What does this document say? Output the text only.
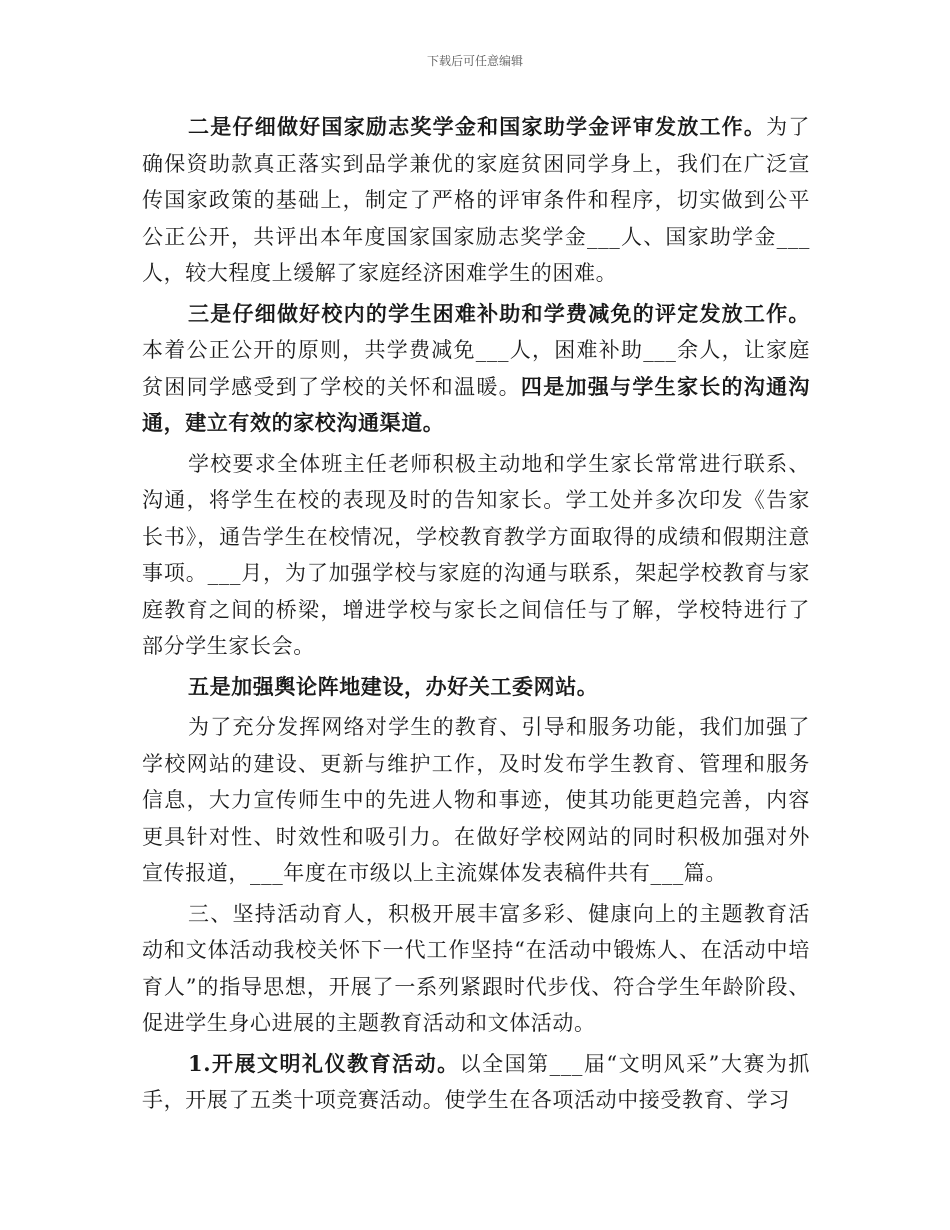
下载后可任意编辑

二是仔细做好国家励志奖学金和国家助学金评审发放工作。为了确保资助款真正落实到品学兼优的家庭贫困同学身上，我们在广泛宣传国家政策的基础上，制定了严格的评审条件和程序，切实做到公平公正公开，共评出本年度国家国家励志奖学金___人、国家助学金___人，较大程度上缓解了家庭经济困难学生的困难。

三是仔细做好校内的学生困难补助和学费减免的评定发放工作。本着公正公开的原则，共学费减免___人，困难补助___余人，让家庭贫困同学感受到了学校的关怀和温暖。四是加强与学生家长的沟通沟通，建立有效的家校沟通渠道。

学校要求全体班主任老师积极主动地和学生家长常常进行联系、沟通，将学生在校的表现及时的告知家长。学工处并多次印发《告家长书》，通告学生在校情况，学校教育教学方面取得的成绩和假期注意事项。___月，为了加强学校与家庭的沟通与联系，架起学校教育与家庭教育之间的桥梁，增进学校与家长之间信任与了解，学校特进行了部分学生家长会。

五是加强舆论阵地建设，办好关工委网站。

为了充分发挥网络对学生的教育、引导和服务功能，我们加强了学校网站的建设、更新与维护工作，及时发布学生教育、管理和服务信息，大力宣传师生中的先进人物和事迹，使其功能更趋完善，内容更具针对性、时效性和吸引力。在做好学校网站的同时积极加强对外宣传报道，___年度在市级以上主流媒体发表稿件共有___篇。

三、坚持活动育人，积极开展丰富多彩、健康向上的主题教育活动和文体活动我校关怀下一代工作坚持“在活动中锻炼人、在活动中培育人”的指导思想，开展了一系列紧跟时代步伐、符合学生年龄阶段、促进学生身心进展的主题教育活动和文体活动。

1.开展文明礼仪教育活动。以全国第___届“文明风采”大赛为抓手，开展了五类十项竞赛活动。使学生在各项活动中接受教育、学习
